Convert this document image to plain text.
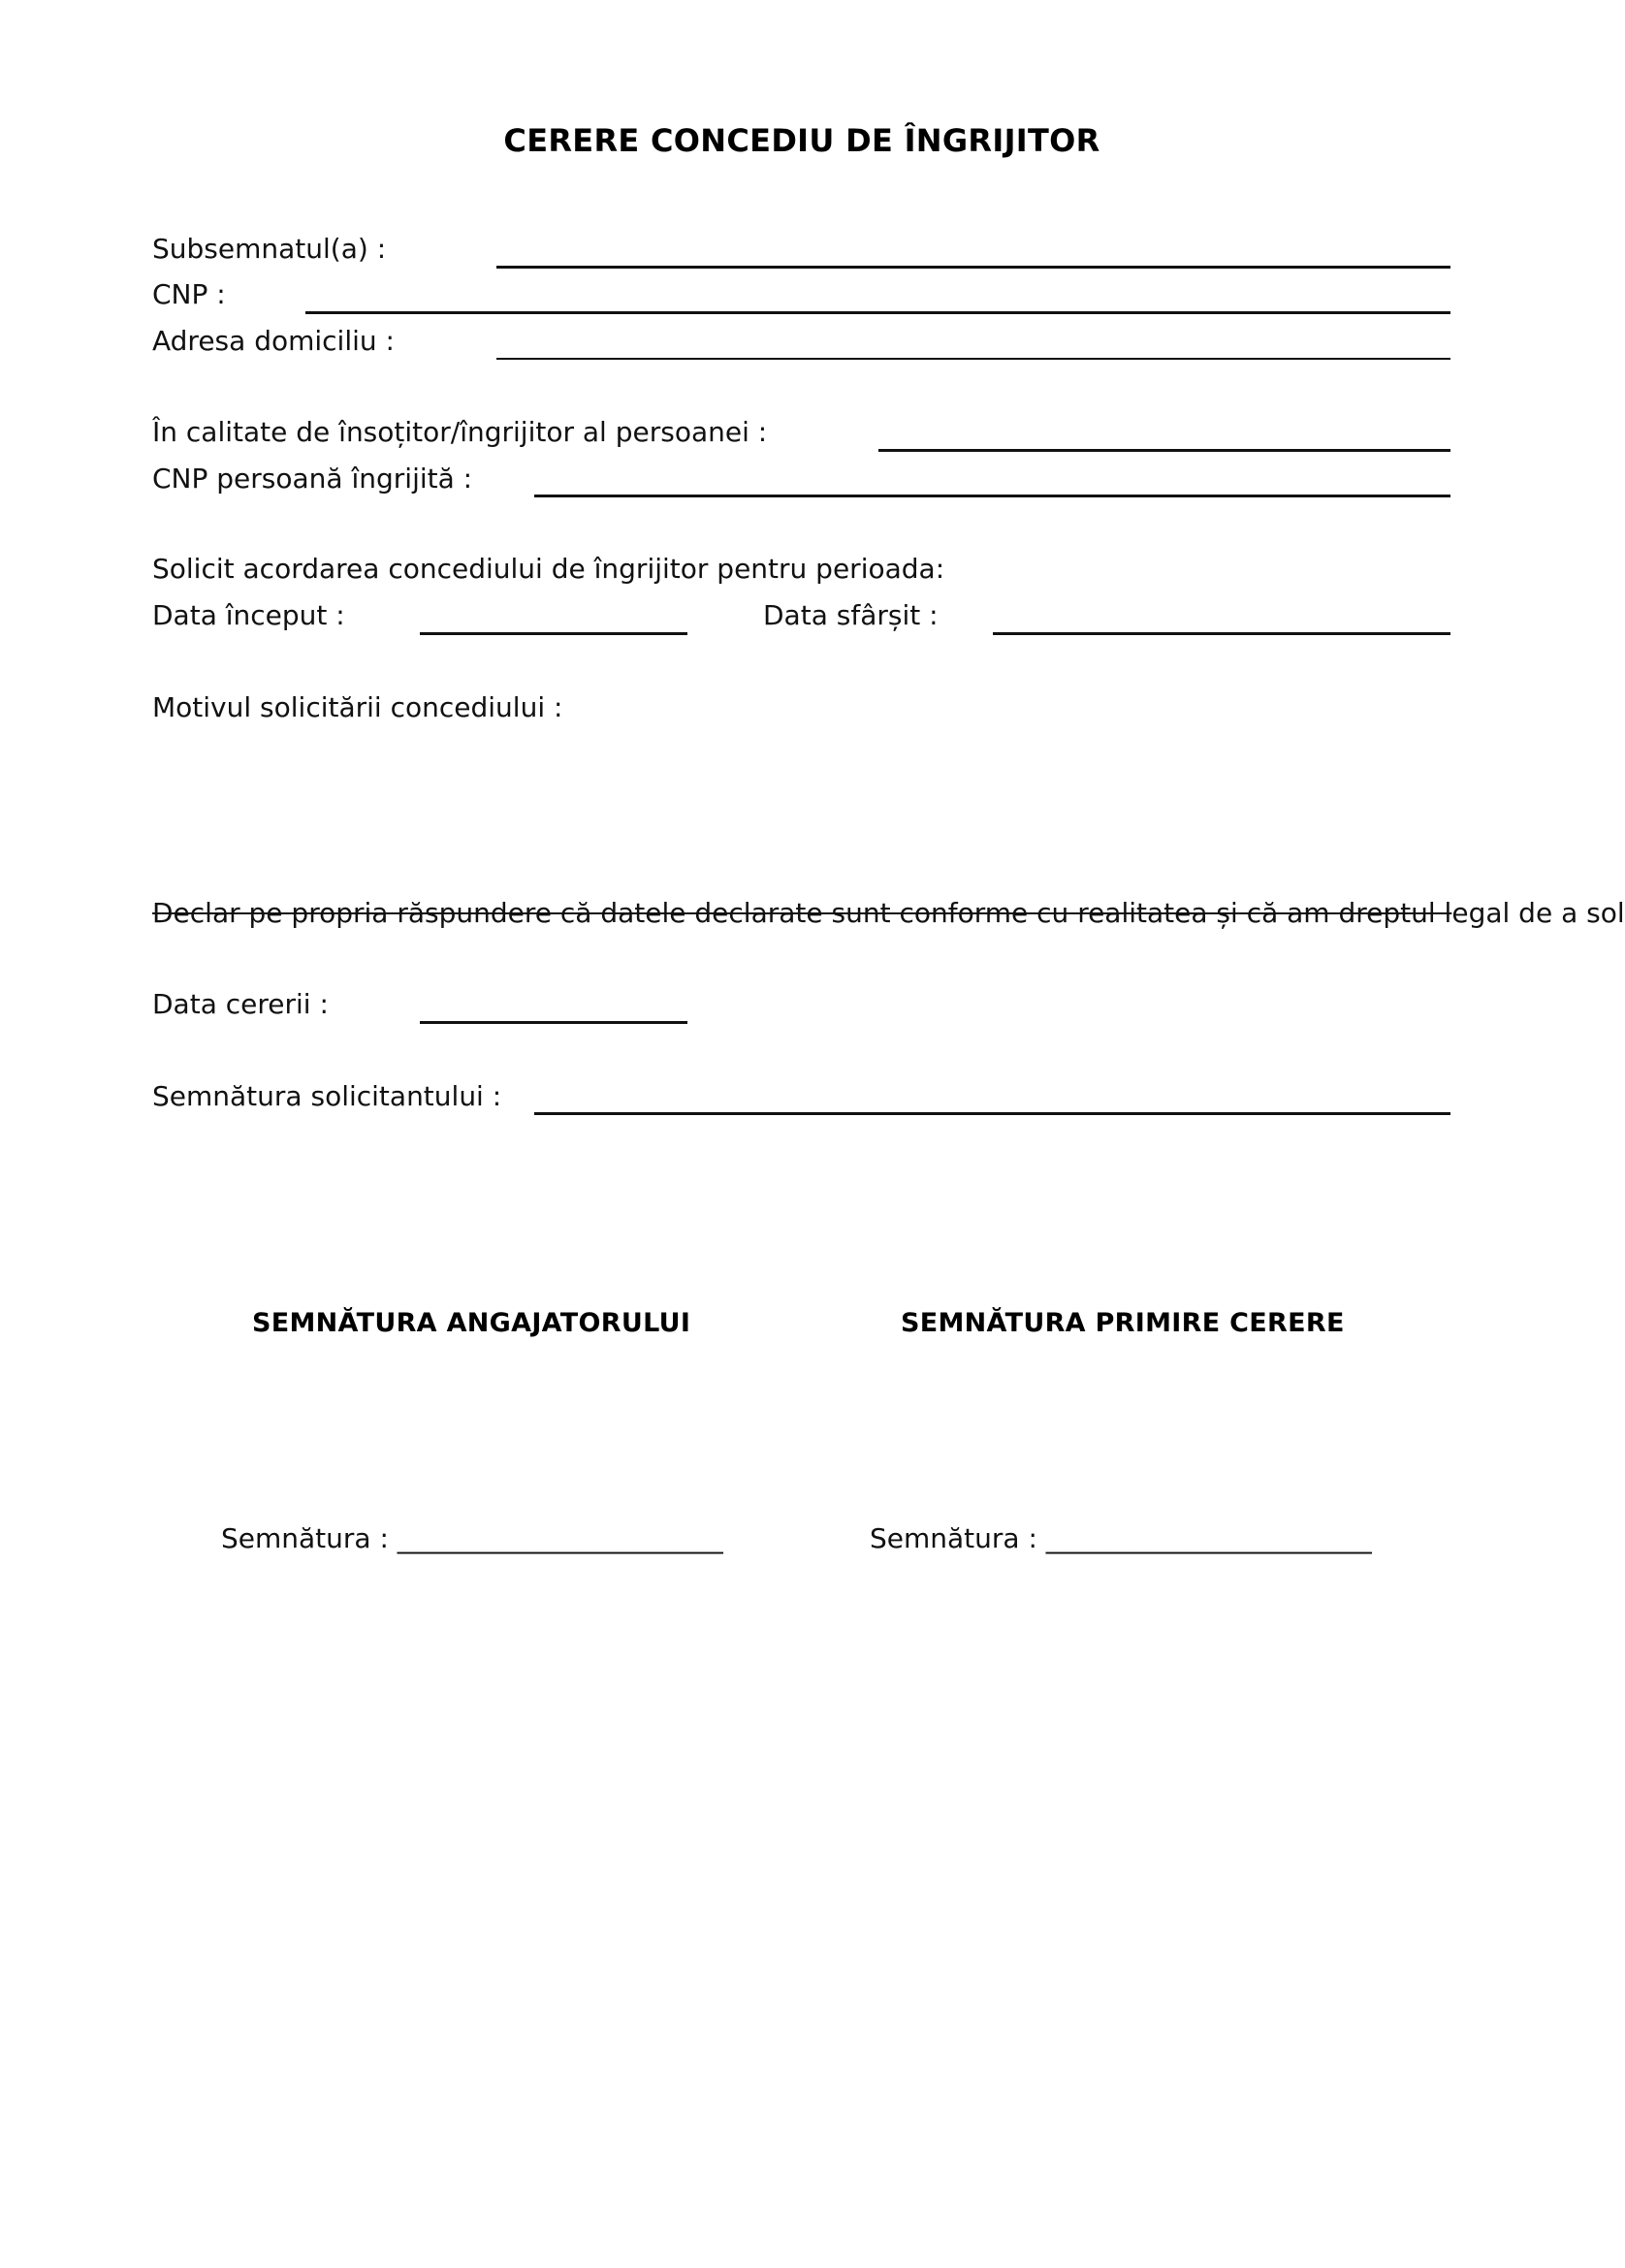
CERERE CONCEDIU DE ÎNGRIJITOR

Subsemnatul(a) :

CNP :

Adresa domiciliu :

În calitate de însoțitor/îngrijitor al persoanei :

CNP persoană îngrijită :

Solicit acordarea concediului de îngrijitor pentru perioada:

Data început :	Data sfârșit :

Motivul solicitării concediului :

Declar pe propria răspundere că datele declarate sunt conforme cu realitatea și că am dreptul legal de a sol

Data cererii :

Semnătura solicitantului :

SEMNĂTURA ANGAJATORULUI	SEMNĂTURA PRIMIRE CERERE

Semnătura : ________________________	Semnătura : ________________________
